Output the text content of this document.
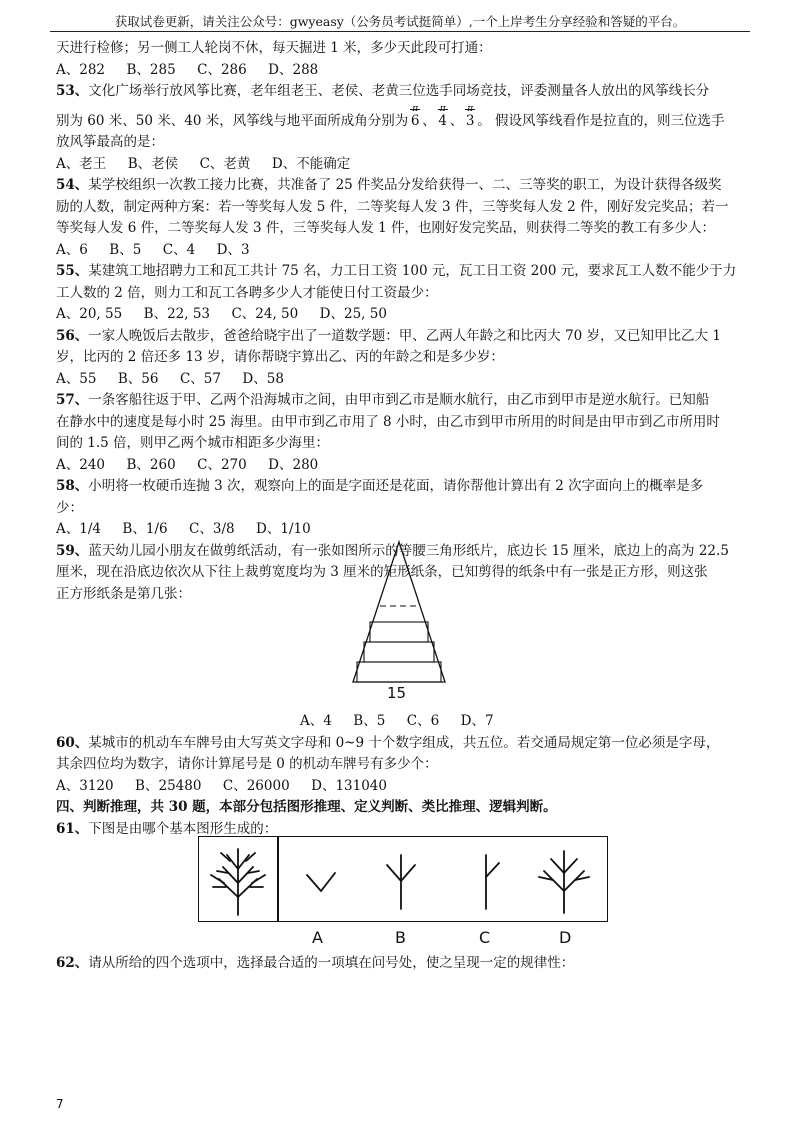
获取试卷更新，请关注公众号：gwyeasy（公务员考试挺简单）,一个上岸考生分享经验和答疑的平台。
天进行检修；另一侧工人轮岗不休，每天掘进 1 米，多少天此段可打通：
A、282     B、285     C、286     D、288
53、文化广场举行放风筝比赛，老年组老王、老侯、老黄三位选手同场竞技，评委测量各人放出的风筝线长分
别为 60 米、50 米、40 米，风筝线与地平面所成角分别为 6 、 4 、 3 。 假设风筝线看作是拉直的，则三位选手
放风筝最高的是：
A、老王     B、老侯     C、老黄     D、不能确定
54、某学校组织一次教工接力比赛，共准备了 25 件奖品分发给获得一、二、三等奖的职工，为设计获得各级奖
励的人数，制定两种方案：若一等奖每人发 5 件，二等奖每人发 3 件，三等奖每人发 2 件，刚好发完奖品；若一
等奖每人发 6 件，二等奖每人发 3 件，三等奖每人发 1 件，也刚好发完奖品，则获得二等奖的教工有多少人：
A、6     B、5     C、4     D、3
55、某建筑工地招聘力工和瓦工共计 75 名，力工日工资 100 元，瓦工日工资 200 元，要求瓦工人数不能少于力
工人数的 2 倍，则力工和瓦工各聘多少人才能使日付工资最少：
A、20, 55     B、22, 53     C、24, 50     D、25, 50
56、一家人晚饭后去散步，爸爸给晓宇出了一道数学题：甲、乙两人年龄之和比丙大 70 岁，又已知甲比乙大 1
岁，比丙的 2 倍还多 13 岁，请你帮晓宇算出乙、丙的年龄之和是多少岁：
A、55     B、56     C、57     D、58
57、一条客船往返于甲、乙两个沿海城市之间，由甲市到乙市是顺水航行，由乙市到甲市是逆水航行。已知船
在静水中的速度是每小时 25 海里。由甲市到乙市用了 8 小时，由乙市到甲市所用的时间是由甲市到乙市所用时
间的 1.5 倍，则甲乙两个城市相距多少海里：
A、240     B、260     C、270     D、280
58、小明将一枚硬币连抛 3 次，观察向上的面是字面还是花面，请你帮他计算出有 2 次字面向上的概率是多
少：
A、1/4     B、1/6     C、3/8     D、1/10
59、蓝天幼儿园小朋友在做剪纸活动，有一张如图所示的等腰三角形纸片，底边长 15 厘米，底边上的高为 22.5
厘米，现在沿底边依次从下往上裁剪宽度均为 3 厘米的矩形纸条，已知剪得的纸条中有一张是正方形，则这张
正方形纸条是第几张：
15
A、4     B、5     C、6     D、7
60、某城市的机动车车牌号由大写英文字母和 0~9 十个数字组成，共五位。若交通局规定第一位必须是字母，
其余四位均为数字，请你计算尾号是 0 的机动车牌号有多少个：
A、3120     B、25480     C、26000     D、131040
四、判断推理，共 30 题，本部分包括图形推理、定义判断、类比推理、逻辑判断。
61、下图是由哪个基本图形生成的：
A	B	C	D
62、请从所给的四个选项中，选择最合适的一项填在问号处，使之呈现一定的规律性：
7
